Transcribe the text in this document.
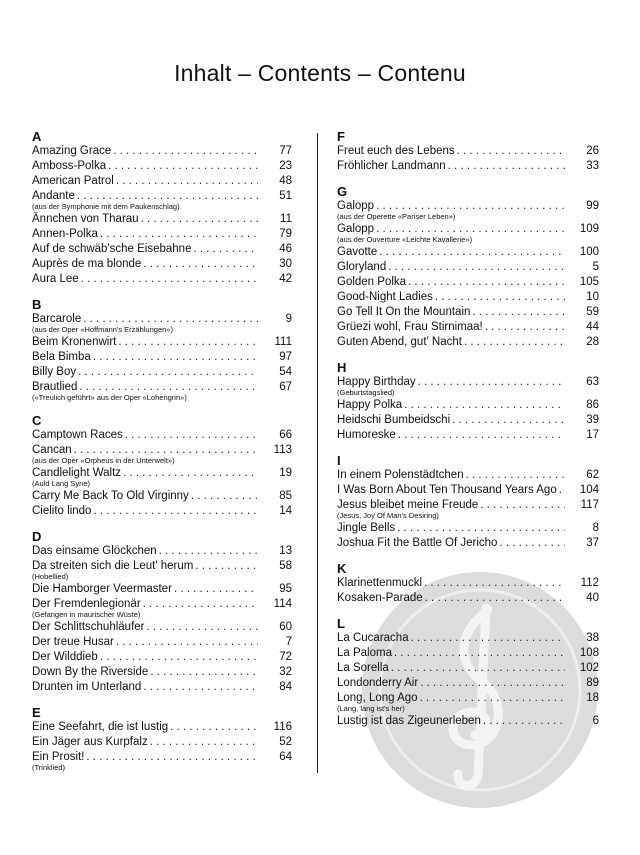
Inhalt – Contents – Contenu
A
Amazing Grace . . .	77
Amboss-Polka . . .	23
American Patrol . . .	48
Andante . . .	51
(aus der Symphonie mit dem Paukenschlag)
Ännchen von Tharau . . .	11
Annen-Polka . . .	79
Auf de schwäb'sche Eisebahne . . .	46
Auprès de ma blonde . . .	30
Aura Lee . . .	42
B
Barcarole . . .	9
(aus der Oper «Hoffmann's Erzählungen»)
Beim Kronenwirt . . .	111
Bela Bimba . . .	97
Billy Boy . . .	54
Brautlied . . .	67
(«Treulich geführt» aus der Oper «Lohengrin»)
C
Camptown Races . . .	66
Cancan . . .	113
(aus der Oper «Orpheus in der Unterwelt»)
Candlelight Waltz . . .	19
(Auld Lang Syne)
Carry Me Back To Old Virginny . . .	85
Cielito lindo . . .	14
D
Das einsame Glöckchen . . .	13
Da streiten sich die Leut' herum . . .	58
(Hobellied)
Die Hamborger Veermaster . . .	95
Der Fremdenlegionär . . .	114
(Gefangen in maurischer Wüste)
Der Schlittschuhläufer . . .	60
Der treue Husar . . .	7
Der Wilddieb . . .	72
Down By the Riverside . . .	32
Drunten im Unterland . . .	84
E
Eine Seefahrt, die ist lustig . . .	116
Ein Jäger aus Kurpfalz . . .	52
Ein Prosit! . . .	64
(Trinklied)
F
Freut euch des Lebens . . .	26
Fröhlicher Landmann . . .	33
G
Galopp . . .	99
(aus der Operette «Pariser Leben»)
Galopp . . .	109
(aus der Ouverture «Leichte Kavallerie»)
Gavotte . . .	100
Gloryland . . .	5
Golden Polka . . .	105
Good-Night Ladies . . .	10
Go Tell It On the Mountain . . .	59
Grüezi wohl, Frau Stirnimaa! . . .	44
Guten Abend, gut' Nacht . . .	28
H
Happy Birthday . . .	63
(Geburtstagslied)
Happy Polka . . .	86
Heidschi Bumbeidschi . . .	39
Humoreske . . .	17
I
In einem Polenstädtchen . . .	62
I Was Born About Ten Thousand Years Ago . . .	104
Jesus bleibet meine Freude . . .	117
(Jesus, Joy Of Man's Desiring)
Jingle Bells . . .	8
Joshua Fit the Battle Of Jericho . . .	37
K
Klarinettenmuckl . . .	112
Kosaken-Parade . . .	40
L
La Cucaracha . . .	38
La Paloma . . .	108
La Sorella . . .	102
Londonderry Air . . .	89
Long, Long Ago . . .	18
(Lang, lang ist's her)
Lustig ist das Zigeunerleben . . .	6
